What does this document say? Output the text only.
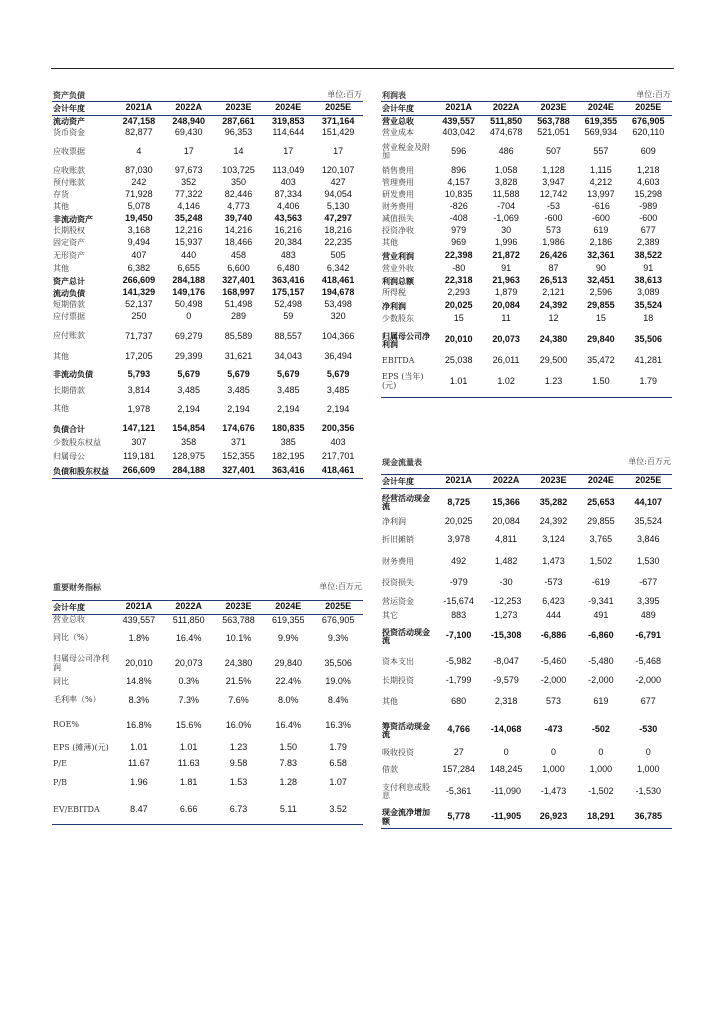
资产负债					单位:百万
会计年度	2021A	2022A	2023E	2024E	2025E
流动资产	247,158	248,940	287,661	319,853	371,164
货币资金	82,877	69,430	96,353	114,644	151,429
应收票据	4	17	14	17	17
应收账款	87,030	97,673	103,725	113,049	120,107
预付账款	242	352	350	403	427
存货	71,928	77,322	82,446	87,334	94,054
其他	5,078	4,146	4,773	4,406	5,130
非流动资产	19,450	35,248	39,740	43,563	47,297
长期股权	3,168	12,216	14,216	16,216	18,216
固定资产	9,494	15,937	18,466	20,384	22,235
无形资产	407	440	458	483	505
其他	6,382	6,655	6,600	6,480	6,342
资产总计	266,609	284,188	327,401	363,416	418,461
流动负债	141,329	149,176	168,997	175,157	194,678
短期借款	52,137	50,498	51,498	52,498	53,498
应付票据	250	0	289	59	320
应付账款	71,737	69,279	85,589	88,557	104,366
其他	17,205	29,399	31,621	34,043	36,494
非流动负债	5,793	5,679	5,679	5,679	5,679
长期借款	3,814	3,485	3,485	3,485	3,485
其他	1,978	2,194	2,194	2,194	2,194
负债合计	147,121	154,854	174,676	180,835	200,356
少数股东权益	307	358	371	385	403
归属母公	119,181	128,975	152,355	182,195	217,701
负债和股东权益	266,609	284,188	327,401	363,416	418,461
利润表					单位:百万
会计年度	2021A	2022A	2023E	2024E	2025E
营业总收	439,557	511,850	563,788	619,355	676,905
营业成本	403,042	474,678	521,051	569,934	620,110
营业税金及附加	596	486	507	557	609
销售费用	896	1,058	1,128	1,115	1,218
管理费用	4,157	3,828	3,947	4,212	4,603
研发费用	10,835	11,588	12,742	13,997	15,298
财务费用	-826	-704	-53	-616	-989
减值损失	-408	-1,069	-600	-600	-600
投资净收	979	30	573	619	677
其他	969	1,996	1,986	2,186	2,389
营业利润	22,398	21,872	26,426	32,361	38,522
营业外收	-80	91	87	90	91
利润总额	22,318	21,963	26,513	32,451	38,613
所得税	2,293	1,879	2,121	2,596	3,089
净利润	20,025	20,084	24,392	29,855	35,524
少数股东	15	11	12	15	18
归属母公司净利润	20,010	20,073	24,380	29,840	35,506
EBITDA	25,038	26,011	29,500	35,472	41,281
EPS (当年)(元)	1.01	1.02	1.23	1.50	1.79
重要财务指标					单位:百万元
会计年度	2021A	2022A	2023E	2024E	2025E
营业总收	439,557	511,850	563,788	619,355	676,905
同比（%）	1.8%	16.4%	10.1%	9.9%	9.3%
归属母公司净利润	20,010	20,073	24,380	29,840	35,506
同比	14.8%	0.3%	21.5%	22.4%	19.0%
毛利率（%）	8.3%	7.3%	7.6%	8.0%	8.4%
ROE%	16.8%	15.6%	16.0%	16.4%	16.3%
EPS (摊薄)(元)	1.01	1.01	1.23	1.50	1.79
P/E	11.67	11.63	9.58	7.83	6.58
P/B	1.96	1.81	1.53	1.28	1.07
EV/EBITDA	8.47	6.66	6.73	5.11	3.52
现金流量表					单位:百万元
会计年度	2021A	2022A	2023E	2024E	2025E
经营活动现金流	8,725	15,366	35,282	25,653	44,107
净利润	20,025	20,084	24,392	29,855	35,524
折旧摊销	3,978	4,811	3,124	3,765	3,846
财务费用	492	1,482	1,473	1,502	1,530
投资损失	-979	-30	-573	-619	-677
营运资金	-15,674	-12,253	6,423	-9,341	3,395
其它	883	1,273	444	491	489
投资活动现金流	-7,100	-15,308	-6,886	-6,860	-6,791
资本支出	-5,982	-8,047	-5,460	-5,480	-5,468
长期投资	-1,799	-9,579	-2,000	-2,000	-2,000
其他	680	2,318	573	619	677
筹资活动现金流	4,766	-14,068	-473	-502	-530
吸收投资	27	0	0	0	0
借款	157,284	148,245	1,000	1,000	1,000
支付利息或股息	-5,361	-11,090	-1,473	-1,502	-1,530
现金流净增加额	5,778	-11,905	26,923	18,291	36,785
